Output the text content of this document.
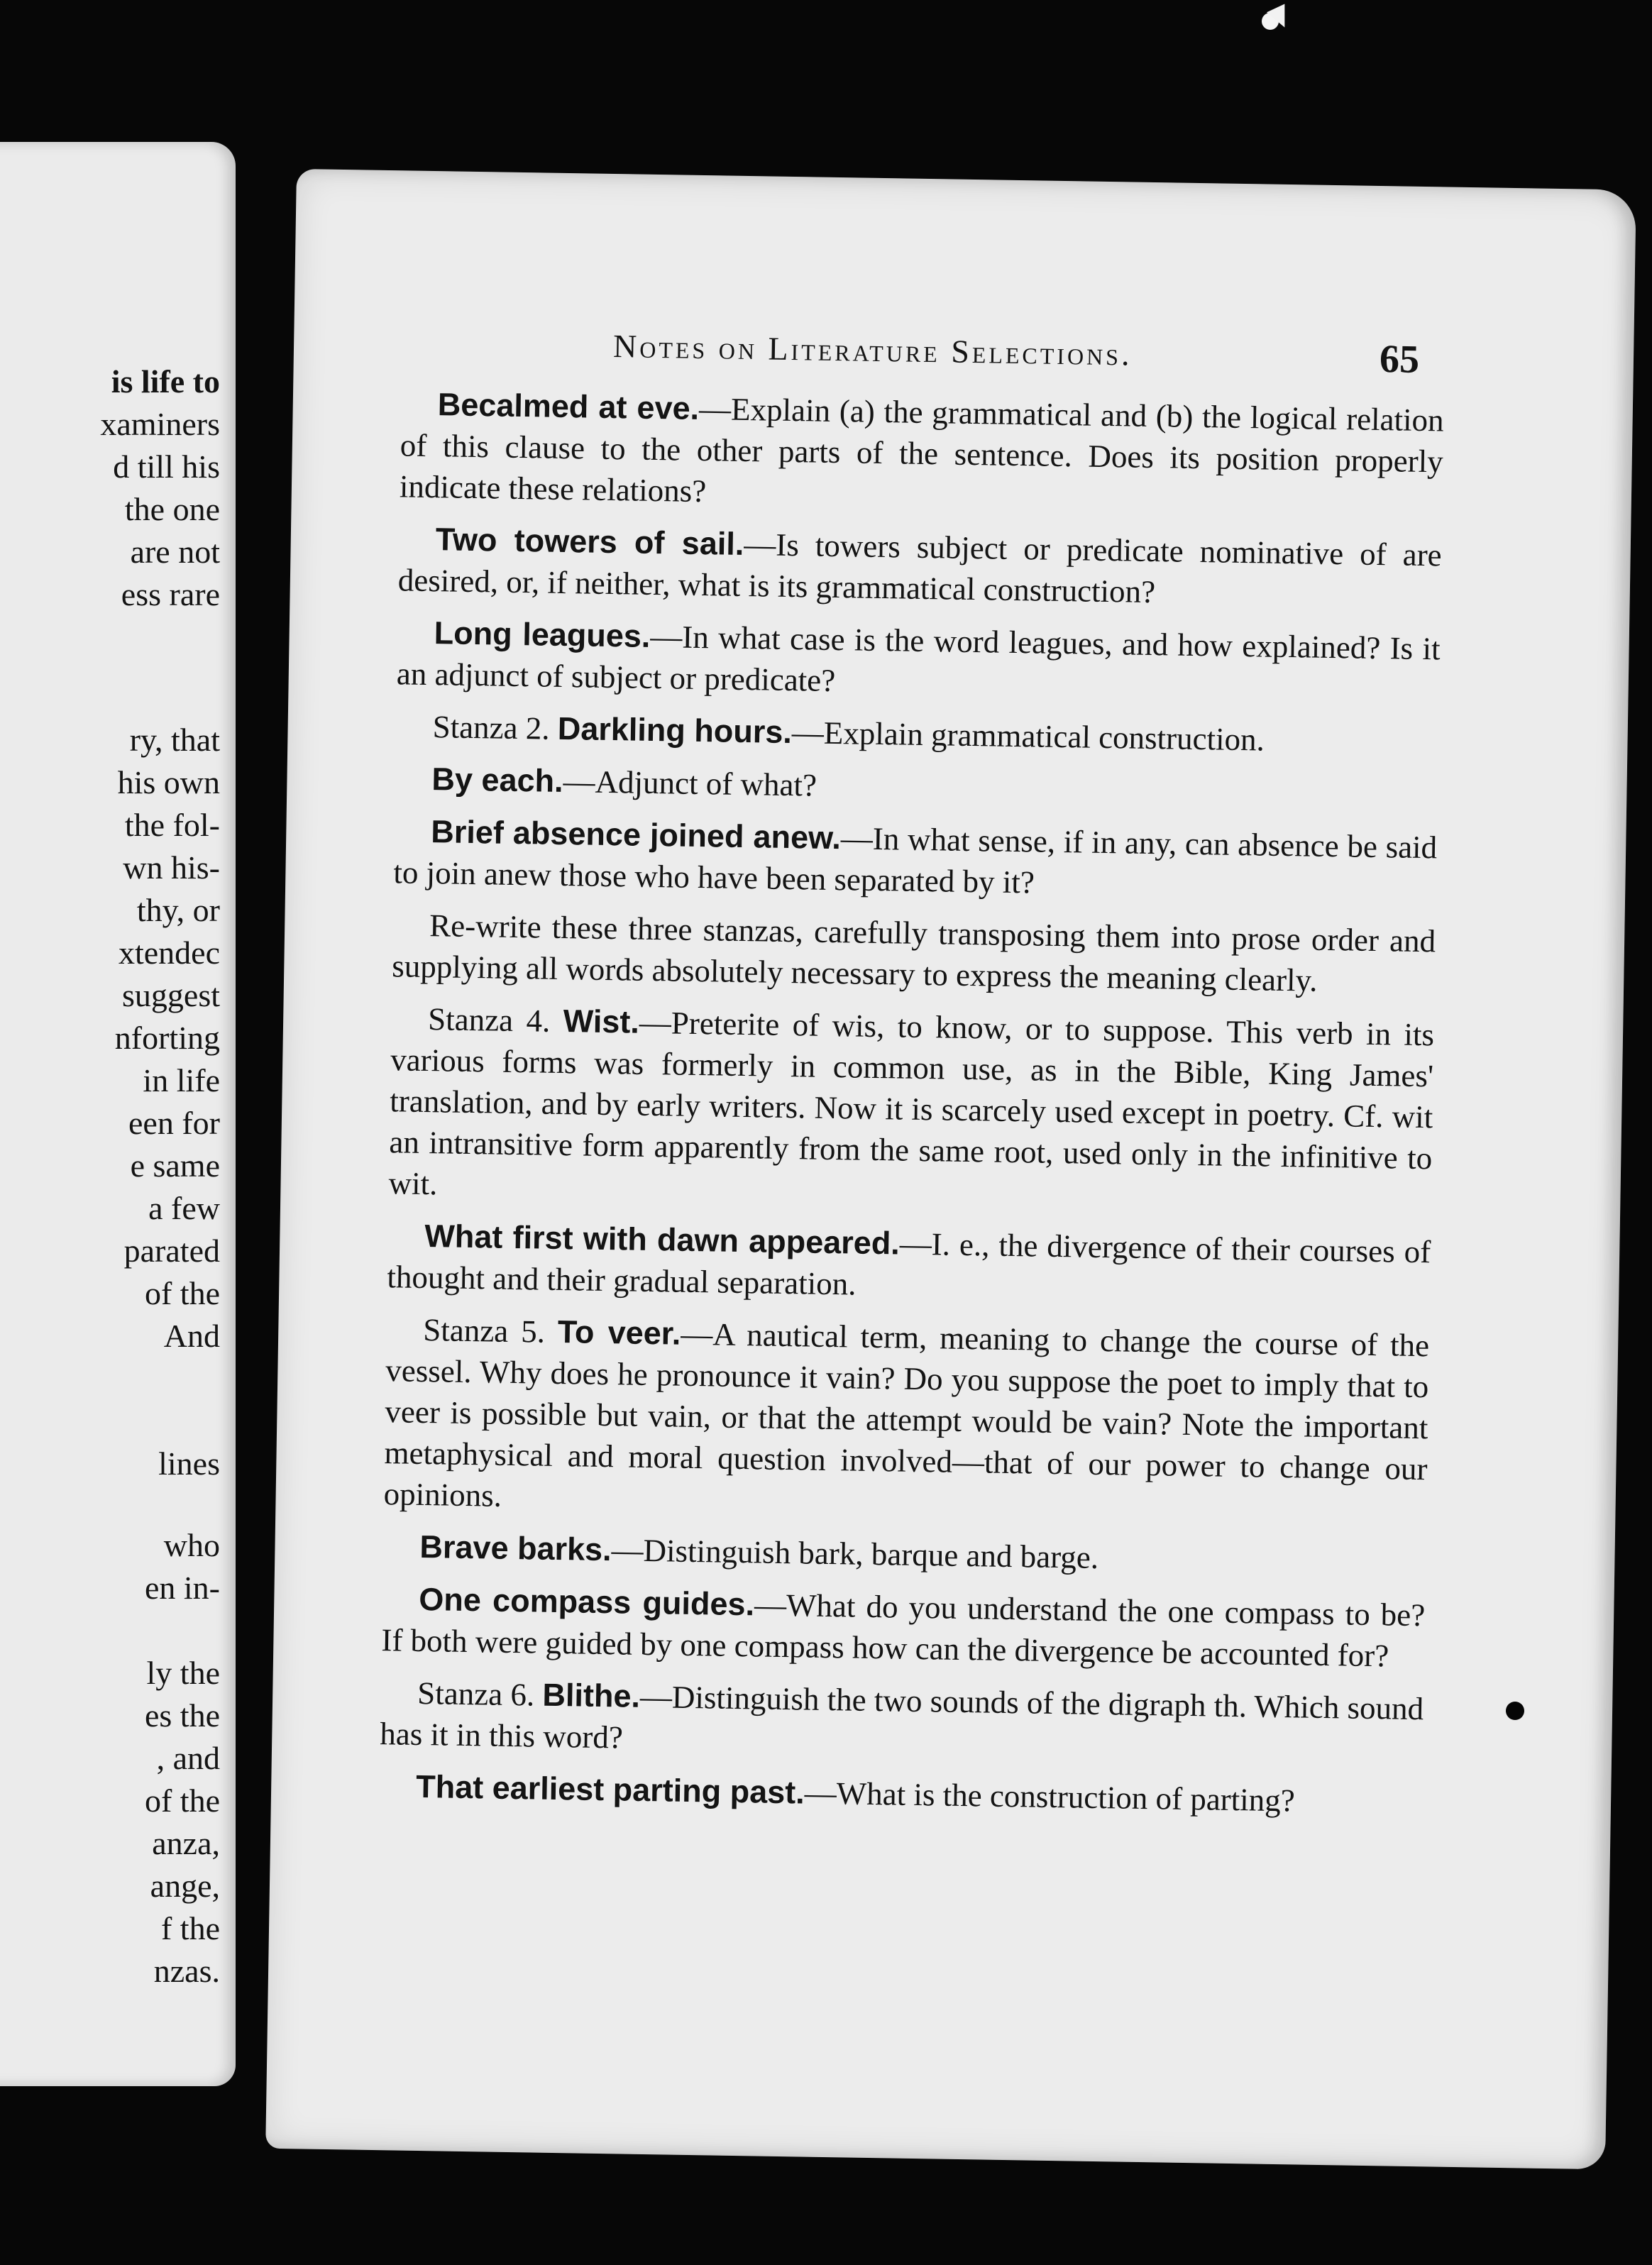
is life to
xaminers
d till his
the one
are not
ess rare
ry, that
his own
the fol-
wn his-
thy, or
xtendec
suggest
nforting
in life
een for
e same
a few
parated
of the
And
lines
who
en in-
ly the
es the
, and
of the
anza,
ange,
f the
nzas.
Notes on Literature Selections.	65

Becalmed at eve.—Explain (a) the grammatical and (b) the logical relation of this clause to the other parts of the sentence. Does its position properly indicate these relations?

Two towers of sail.—Is towers subject or predicate nominative of are desired, or, if neither, what is its grammatical construction?

Long leagues.—In what case is the word leagues, and how explained? Is it an adjunct of subject or predicate?

Stanza 2. Darkling hours.—Explain grammatical construction.

By each.—Adjunct of what?

Brief absence joined anew.—In what sense, if in any, can absence be said to join anew those who have been separated by it?

Re-write these three stanzas, carefully transposing them into prose order and supplying all words absolutely necessary to express the meaning clearly.

Stanza 4. Wist.—Preterite of wis, to know, or to suppose. This verb in its various forms was formerly in common use, as in the Bible, King James' translation, and by early writers. Now it is scarcely used except in poetry. Cf. wit an intransitive form apparently from the same root, used only in the infinitive to wit.

What first with dawn appeared.—I. e., the divergence of their courses of thought and their gradual separation.

Stanza 5. To veer.—A nautical term, meaning to change the course of the vessel. Why does he pronounce it vain? Do you suppose the poet to imply that to veer is possible but vain, or that the attempt would be vain? Note the important metaphysical and moral question involved—that of our power to change our opinions.

Brave barks.—Distinguish bark, barque and barge.

One compass guides.—What do you understand the one compass to be? If both were guided by one compass how can the divergence be accounted for?

Stanza 6. Blithe.—Distinguish the two sounds of the digraph th. Which sound has it in this word?

That earliest parting past.—What is the construction of parting?
